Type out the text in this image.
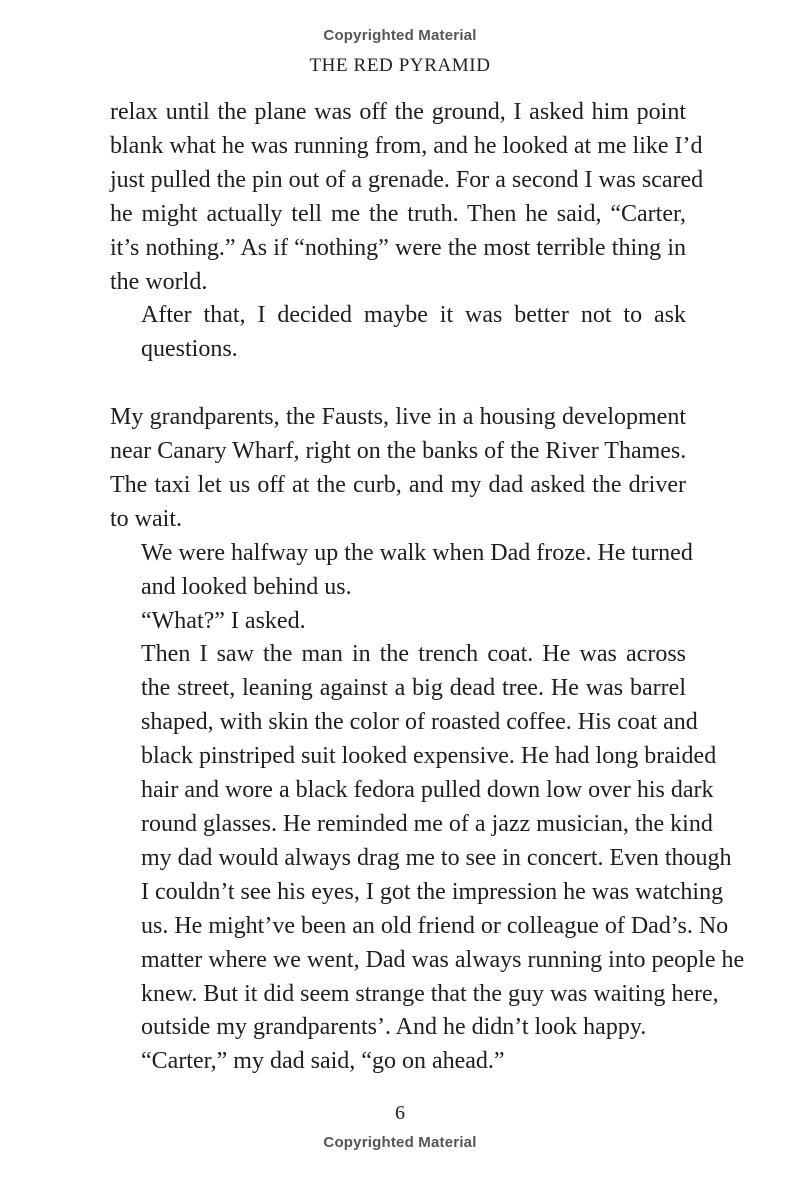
Copyrighted Material
THE RED PYRAMID

relax until the plane was off the ground, I asked him point
blank what he was running from, and he looked at me like I’d
just pulled the pin out of a grenade. For a second I was scared
he might actually tell me the truth. Then he said, “Carter,
it’s nothing.” As if “nothing” were the most terrible thing in
the world.

After that, I decided maybe it was better not to ask
questions.

My grandparents, the Fausts, live in a housing development
near Canary Wharf, right on the banks of the River Thames.
The taxi let us off at the curb, and my dad asked the driver
to wait.

We were halfway up the walk when Dad froze. He turned
and looked behind us.

“What?” I asked.

Then I saw the man in the trench coat. He was across
the street, leaning against a big dead tree. He was barrel
shaped, with skin the color of roasted coffee. His coat and
black pinstriped suit looked expensive. He had long braided
hair and wore a black fedora pulled down low over his dark
round glasses. He reminded me of a jazz musician, the kind
my dad would always drag me to see in concert. Even though
I couldn’t see his eyes, I got the impression he was watching
us. He might’ve been an old friend or colleague of Dad’s. No
matter where we went, Dad was always running into people he
knew. But it did seem strange that the guy was waiting here,
outside my grandparents’. And he didn’t look happy.

“Carter,” my dad said, “go on ahead.”

6
Copyrighted Material
